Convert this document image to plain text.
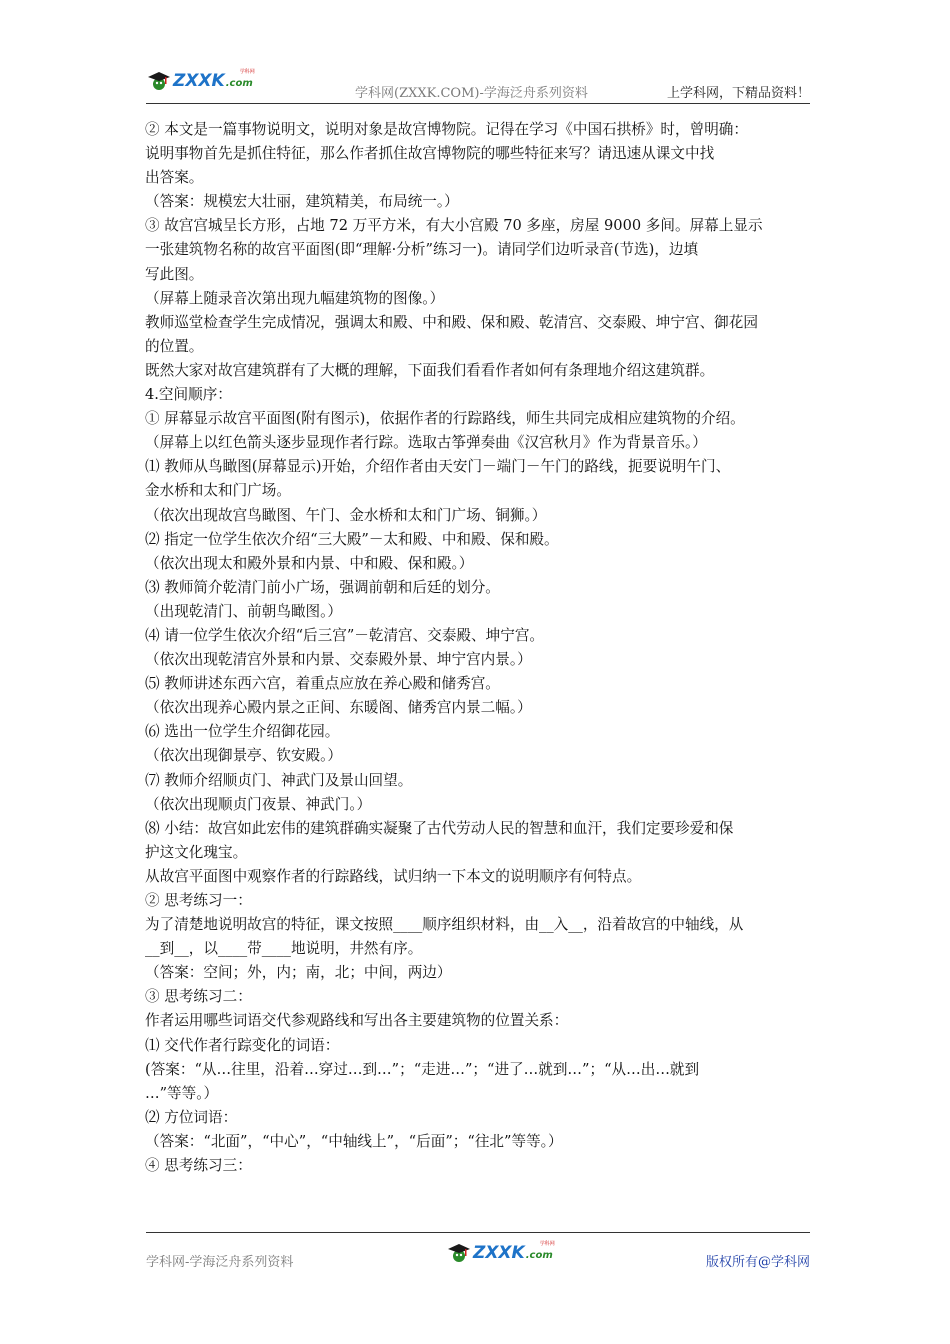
ZXXK .com
学科网
学科网(ZXXK.COM)-学海泛舟系列资料	上学科网，下精品资料！

② 本文是一篇事物说明文，说明对象是故宫博物院。记得在学习《中国石拱桥》时，曾明确：

说明事物首先是抓住特征，那么作者抓住故宫博物院的哪些特征来写？请迅速从课文中找

出答案。

（答案：规模宏大壮丽，建筑精美，布局统一。）

③ 故宫宫城呈长方形，占地 72 万平方米，有大小宫殿 70 多座，房屋 9000 多间。屏幕上显示

一张建筑物名称的故宫平面图(即“理解·分析”练习一)。请同学们边听录音(节选)，边填

写此图。

（屏幕上随录音次第出现九幅建筑物的图像。）

教师巡堂检查学生完成情况，强调太和殿、中和殿、保和殿、乾清宫、交泰殿、坤宁宫、御花园

的位置。

既然大家对故宫建筑群有了大概的理解，下面我们看看作者如何有条理地介绍这建筑群。

4.空间顺序：

① 屏幕显示故宫平面图(附有图示)，依据作者的行踪路线，师生共同完成相应建筑物的介绍。

（屏幕上以红色箭头逐步显现作者行踪。选取古筝弹奏曲《汉宫秋月》作为背景音乐。）

⑴ 教师从鸟瞰图(屏幕显示)开始，介绍作者由天安门－端门－午门的路线，扼要说明午门、

金水桥和太和门广场。

（依次出现故宫鸟瞰图、午门、金水桥和太和门广场、铜狮。）

⑵ 指定一位学生依次介绍“三大殿”－太和殿、中和殿、保和殿。

（依次出现太和殿外景和内景、中和殿、保和殿。）

⑶ 教师简介乾清门前小广场，强调前朝和后廷的划分。

（出现乾清门、前朝鸟瞰图。）

⑷ 请一位学生依次介绍“后三宫”－乾清宫、交泰殿、坤宁宫。

（依次出现乾清宫外景和内景、交泰殿外景、坤宁宫内景。）

⑸ 教师讲述东西六宫，着重点应放在养心殿和储秀宫。

（依次出现养心殿内景之正间、东暖阁、储秀宫内景二幅。）

⑹ 选出一位学生介绍御花园。

（依次出现御景亭、钦安殿。）

⑺ 教师介绍顺贞门、神武门及景山回望。

（依次出现顺贞门夜景、神武门。）

⑻ 小结：故宫如此宏伟的建筑群确实凝聚了古代劳动人民的智慧和血汗，我们定要珍爱和保

护这文化瑰宝。

从故宫平面图中观察作者的行踪路线，试归纳一下本文的说明顺序有何特点。

② 思考练习一：

为了清楚地说明故宫的特征，课文按照____顺序组织材料，由__入__，沿着故宫的中轴线，从

__到__，以____带____地说明，井然有序。

（答案：空间；外，内；南，北；中间，两边）

③ 思考练习二：

作者运用哪些词语交代参观路线和写出各主要建筑物的位置关系：

⑴ 交代作者行踪变化的词语：

(答案：“从…往里，沿着…穿过…到…”；“走进…”；“进了…就到…”；“从…出…就到

…”等等。）

⑵ 方位词语：

（答案：“北面”，“中心”，“中轴线上”，“后面”；“往北”等等。）

④ 思考练习三：

学科网-学海泛舟系列资料	ZXXK .com
学科网
版权所有@学科网
